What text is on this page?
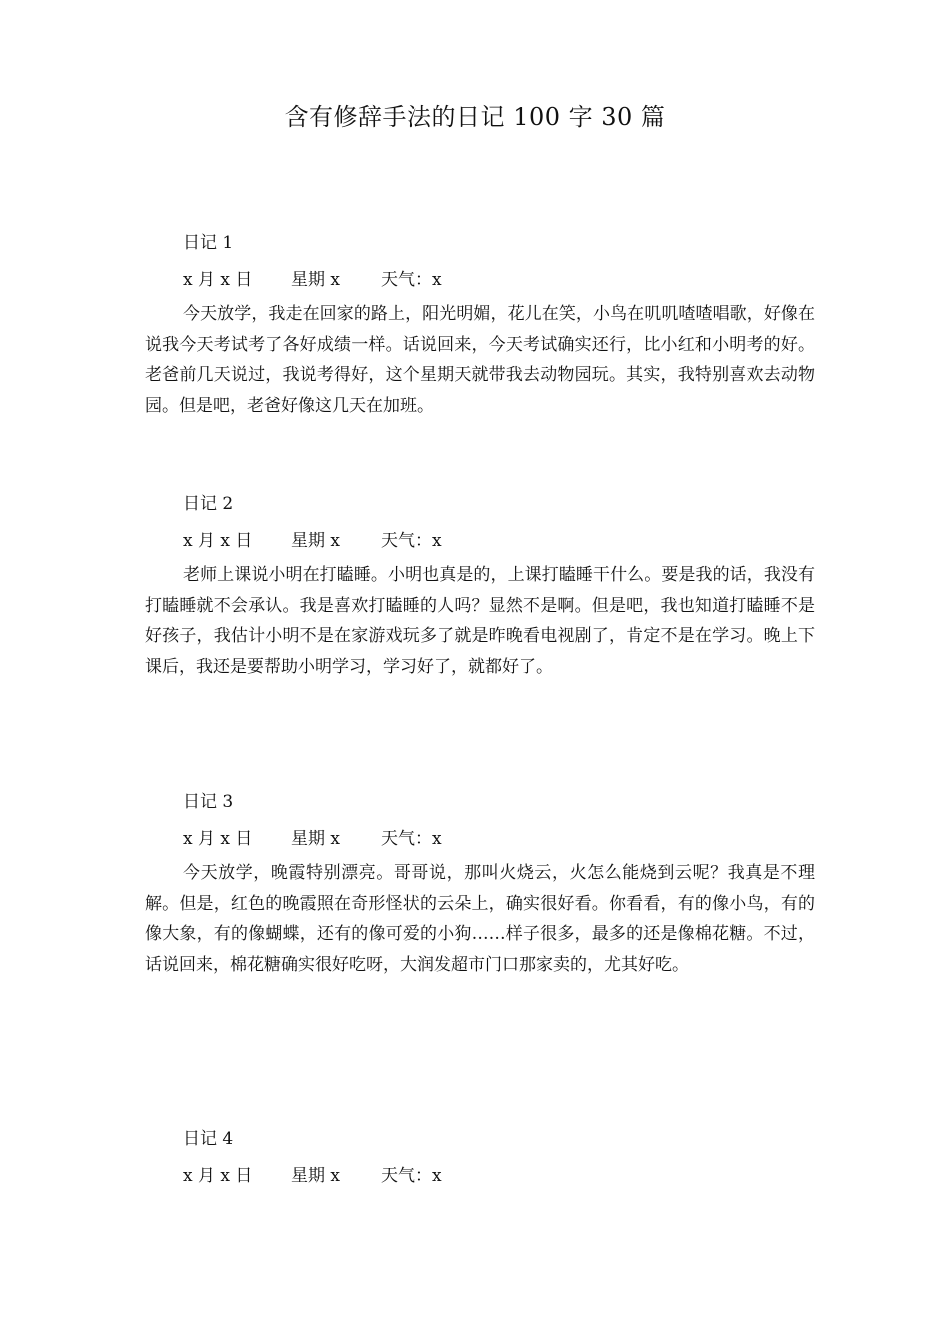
含有修辞手法的日记 100 字 30 篇
日记 1
x 月 x 日 星期 x 天气：x
今天放学，我走在回家的路上，阳光明媚，花儿在笑，小鸟在叽叽喳喳唱歌，好像在说我今天考试考了各好成绩一样。话说回来，今天考试确实还行，比小红和小明考的好。老爸前几天说过，我说考得好，这个星期天就带我去动物园玩。其实，我特别喜欢去动物园。但是吧，老爸好像这几天在加班。
日记 2
x 月 x 日 星期 x 天气：x
老师上课说小明在打瞌睡。小明也真是的，上课打瞌睡干什么。要是我的话，我没有打瞌睡就不会承认。我是喜欢打瞌睡的人吗？显然不是啊。但是吧，我也知道打瞌睡不是好孩子，我估计小明不是在家游戏玩多了就是昨晚看电视剧了，肯定不是在学习。晚上下课后，我还是要帮助小明学习，学习好了，就都好了。
日记 3
x 月 x 日 星期 x 天气：x
今天放学，晚霞特别漂亮。哥哥说，那叫火烧云，火怎么能烧到云呢？我真是不理解。但是，红色的晚霞照在奇形怪状的云朵上，确实很好看。你看看，有的像小鸟，有的像大象，有的像蝴蝶，还有的像可爱的小狗……样子很多，最多的还是像棉花糖。不过，话说回来，棉花糖确实很好吃呀，大润发超市门口那家卖的，尤其好吃。
日记 4
x 月 x 日 星期 x 天气：x
